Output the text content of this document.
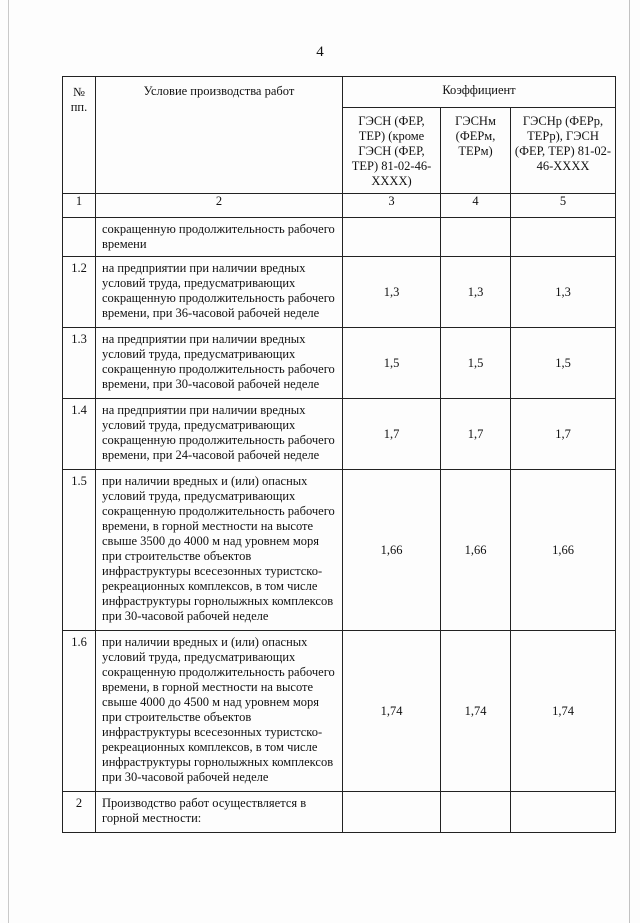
4
№
пп.	Условие производства работ	Коэффициент		
		ГЭСН (ФЕР, ТЕР) (кроме ГЭСН (ФЕР, ТЕР) 81-02-46-XXXX)	ГЭСНм (ФЕРм, ТЕРм)	ГЭСНр (ФЕРр, ТЕРр), ГЭСН (ФЕР, ТЕР) 81-02-46-XXXX
1	2	3	4	5
	сокращенную продолжительность рабочего времени			
1.2	на предприятии при наличии вредных условий труда, предусматривающих сокращенную продолжительность рабочего времени, при 36-часовой рабочей неделе	1,3	1,3	1,3
1.3	на предприятии при наличии вредных условий труда, предусматривающих сокращенную продолжительность рабочего времени, при 30-часовой рабочей неделе	1,5	1,5	1,5
1.4	на предприятии при наличии вредных условий труда, предусматривающих сокращенную продолжительность рабочего времени, при 24-часовой рабочей неделе	1,7	1,7	1,7
1.5	при наличии вредных и (или) опасных условий труда, предусматривающих сокращенную продолжительность рабочего времени, в горной местности на высоте свыше 3500 до 4000 м над уровнем моря при строительстве объектов инфраструктуры всесезонных туристско-рекреационных комплексов, в том числе инфраструктуры горнолыжных комплексов при 30-часовой рабочей неделе	1,66	1,66	1,66
1.6	при наличии вредных и (или) опасных условий труда, предусматривающих сокращенную продолжительность рабочего времени, в горной местности на высоте свыше 4000 до 4500 м над уровнем моря при строительстве объектов инфраструктуры всесезонных туристско-рекреационных комплексов, в том числе инфраструктуры горнолыжных комплексов при 30-часовой рабочей неделе	1,74	1,74	1,74
2	Производство работ осуществляется в горной местности:			
